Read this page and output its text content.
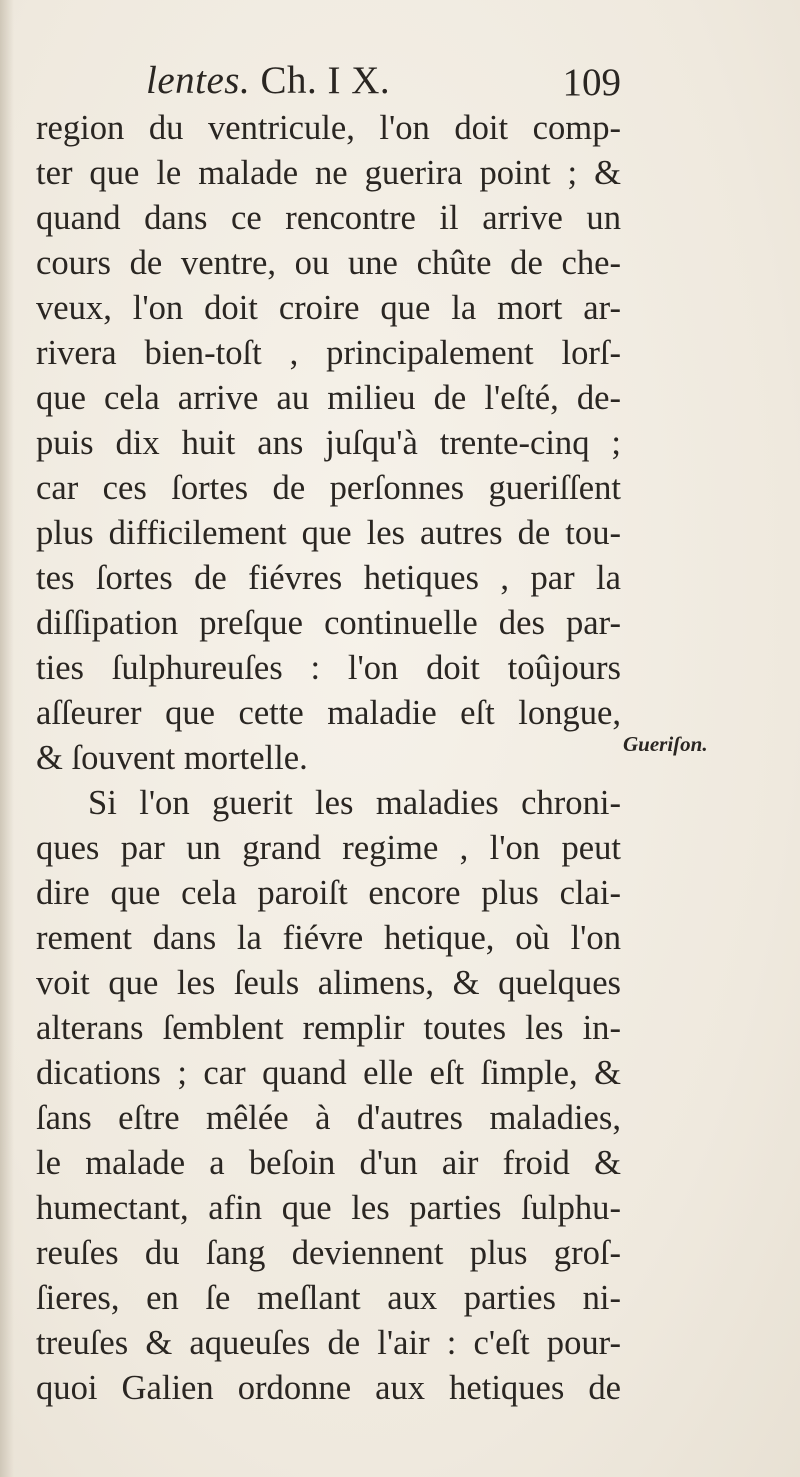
lentes. Ch. I X.	109
region du ventricule, l'on doit comp-
ter que le malade ne guerira point ; &
quand dans ce rencontre il arrive un
cours de ventre, ou une chûte de che-
veux, l'on doit croire que la mort ar-
rivera bien-toſt , principalement lorſ-
que cela arrive au milieu de l'eſté, de-
puis dix huit ans juſqu'à trente-cinq ;
car ces ſortes de perſonnes gueriſſent
plus difficilement que les autres de tou-
tes ſortes de fiévres hetiques , par la
diſſipation preſque continuelle des par-
ties ſulphureuſes : l'on doit toûjours
aſſeurer que cette maladie eſt longue,
& ſouvent mortelle.
Si l'on guerit les maladies chroni-
ques par un grand regime , l'on peut
dire que cela paroiſt encore plus clai-
rement dans la fiévre hetique, où l'on
voit que les ſeuls alimens, & quelques
alterans ſemblent remplir toutes les in-
dications ; car quand elle eſt ſimple, &
ſans eſtre mêlée à d'autres maladies,
le malade a beſoin d'un air froid &
humectant, afin que les parties ſulphu-
reuſes du ſang deviennent plus groſ-
ſieres, en ſe meſlant aux parties ni-
treuſes & aqueuſes de l'air : c'eſt pour-
quoi Galien ordonne aux hetiques de
Gueriſon.
